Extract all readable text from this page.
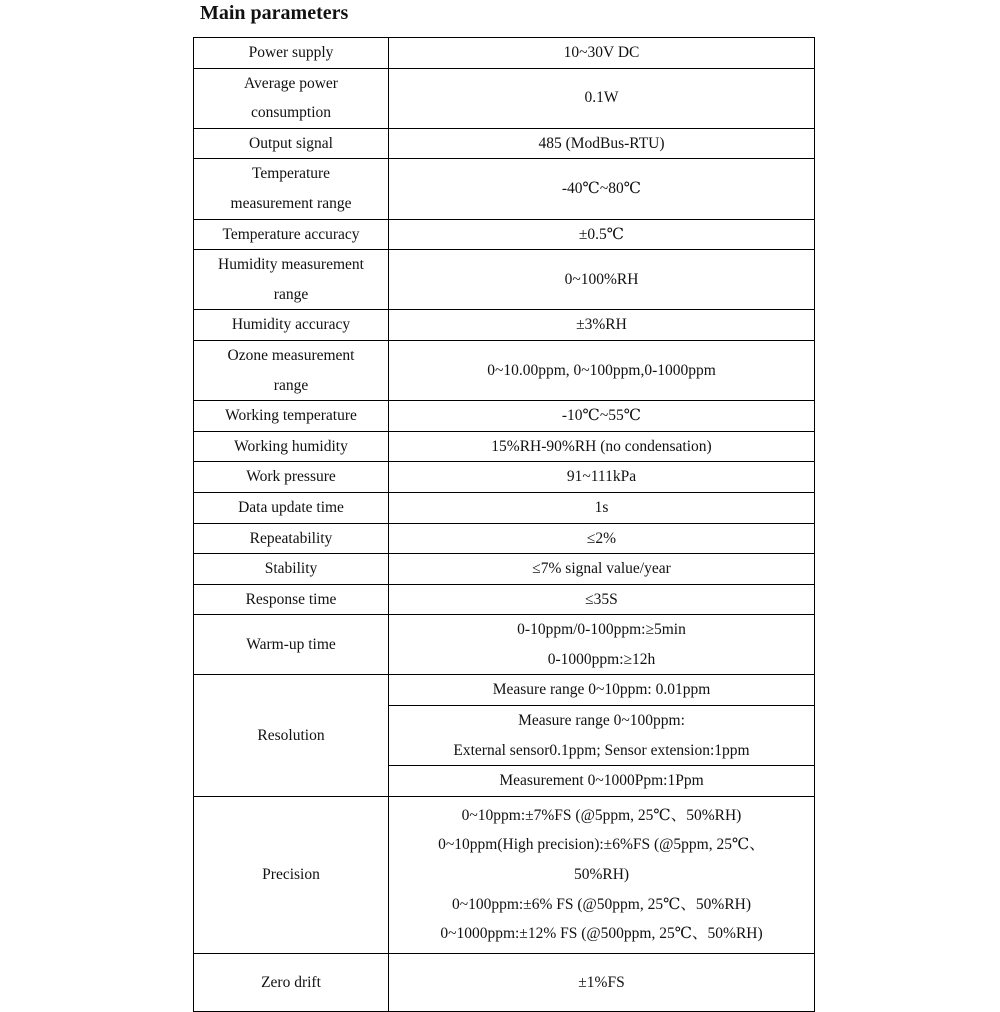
Main parameters
Power supply	10~30V DC

Average power
consumption	0.1W

Output signal	485 (ModBus-RTU)

Temperature
measurement range	-40℃~80℃

Temperature accuracy	±0.5℃

Humidity measurement
range	0~100%RH

Humidity accuracy	±3%RH

Ozone measurement
range	0~10.00ppm, 0~100ppm,0-1000ppm

Working temperature	-10℃~55℃

Working humidity	15%RH-90%RH (no condensation)

Work pressure	91~111kPa

Data update time	1s

Repeatability	≤2%

Stability	≤7% signal value/year

Response time	≤35S

Warm-up time	0-10ppm/0-100ppm:≥5min
0-1000ppm:≥12h

Resolution	Measure range 0~10ppm: 0.01ppm

	Measure range 0~100ppm:
External sensor0.1ppm; Sensor extension:1ppm

	Measurement 0~1000Ppm:1Ppm

Precision	0~10ppm:±7%FS (@5ppm, 25℃、50%RH)
0~10ppm(High precision):±6%FS (@5ppm, 25℃、
50%RH)
0~100ppm:±6% FS (@50ppm, 25℃、50%RH)
0~1000ppm:±12% FS (@500ppm, 25℃、50%RH)

Zero drift	±1%FS
